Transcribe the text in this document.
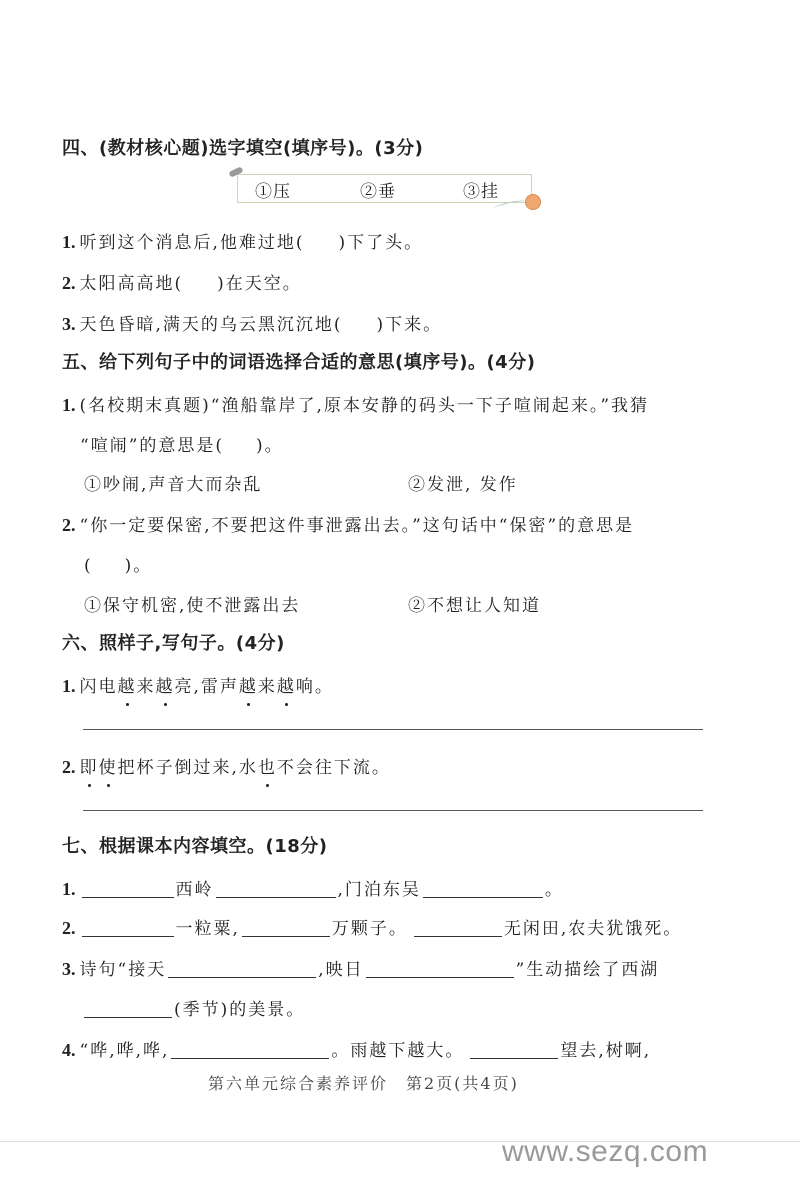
四、(教材核心题)选字填空(填序号)。(3分)
①压	②垂	③挂
1. 听到这个消息后,他难过地( )下了头。
2. 太阳高高地( )在天空。
3. 天色昏暗,满天的乌云黑沉沉地( )下来。
五、给下列句子中的词语选择合适的意思(填序号)。(4分)
1. (名校期末真题)“渔船靠岸了,原本安静的码头一下子喧闹起来。”我猜
“喧闹”的意思是( )。
①吵闹,声音大而杂乱	②发泄, 发作
2. “你一定要保密,不要把这件事泄露出去。”这句话中“保密”的意思是
( )。
①保守机密,使不泄露出去	②不想让人知道
六、照样子,写句子。(4分)
1. 闪电越来越亮,雷声越来越响。
2. 即使把杯子倒过来,水也不会往下流。
七、根据课本内容填空。(18分)
1.	西岭	,门泊东吴	。
2.	一粒粟,	万颗子。	无闲田,农夫犹饿死。
3. 诗句“接天	,映日	”生动描绘了西湖
(季节)的美景。
4. “哗,哗,哗,	。雨越下越大。	望去,树啊,
第六单元综合素养评价　第2页(共4页)
www.sezq.com
